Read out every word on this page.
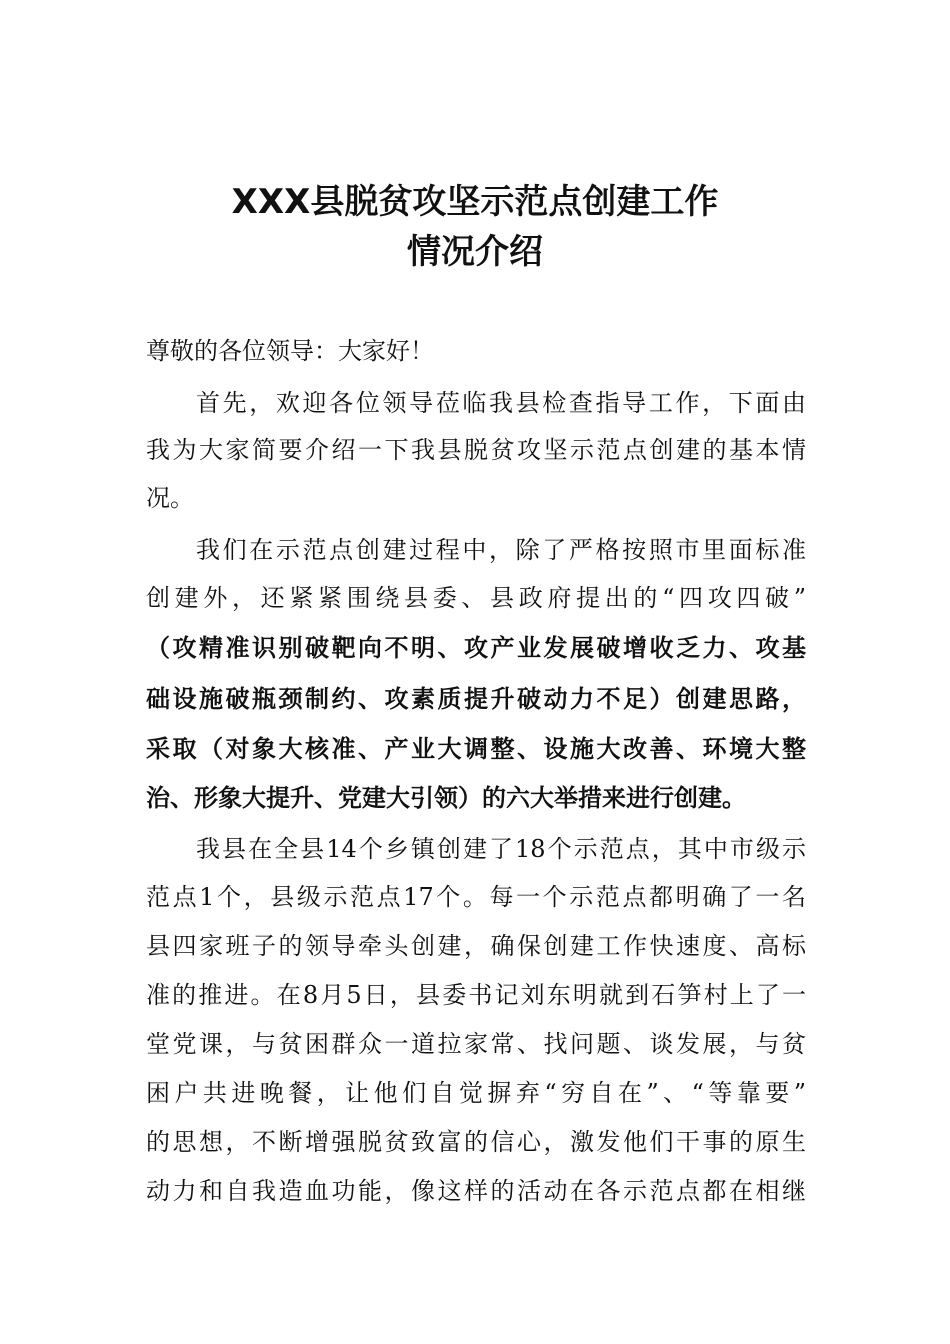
XXX县脱贫攻坚示范点创建工作
情况介绍
尊敬的各位领导：大家好！
首先，欢迎各位领导莅临我县检查指导工作，下面由
我为大家简要介绍一下我县脱贫攻坚示范点创建的基本情
况。
我们在示范点创建过程中，除了严格按照市里面标准
创建外，还紧紧围绕县委、县政府提出的“四攻四破”
（攻精准识别破靶向不明、攻产业发展破增收乏力、攻基
础设施破瓶颈制约、攻素质提升破动力不足）创建思路，
采取（对象大核准、产业大调整、设施大改善、环境大整
治、形象大提升、党建大引领）的六大举措来进行创建。
我县在全县14个乡镇创建了18个示范点，其中市级示
范点1个，县级示范点17个。每一个示范点都明确了一名
县四家班子的领导牵头创建，确保创建工作快速度、高标
准的推进。在8月5日，县委书记刘东明就到石笋村上了一
堂党课，与贫困群众一道拉家常、找问题、谈发展，与贫
困户共进晚餐，让他们自觉摒弃“穷自在”、“等靠要”
的思想，不断增强脱贫致富的信心，激发他们干事的原生
动力和自我造血功能，像这样的活动在各示范点都在相继
